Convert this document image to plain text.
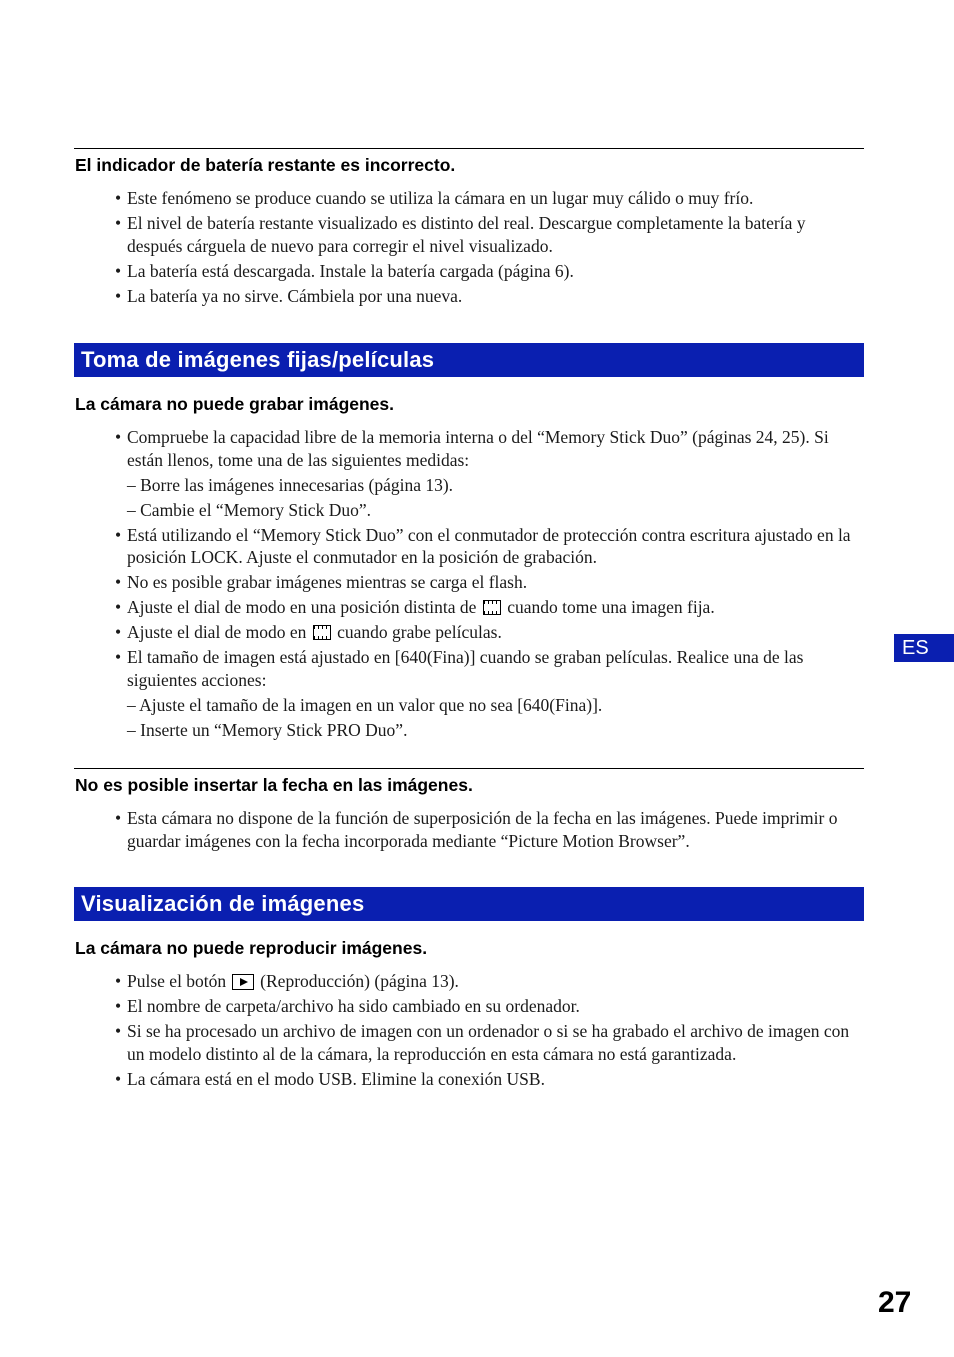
El indicador de batería restante es incorrecto.
• Este fenómeno se produce cuando se utiliza la cámara en un lugar muy cálido o muy frío.
• El nivel de batería restante visualizado es distinto del real. Descargue completamente la batería y después cárguela de nuevo para corregir el nivel visualizado.
• La batería está descargada. Instale la batería cargada (página 6).
• La batería ya no sirve. Cámbiela por una nueva.
Toma de imágenes fijas/películas
La cámara no puede grabar imágenes.
• Compruebe la capacidad libre de la memoria interna o del “Memory Stick Duo” (páginas 24, 25). Si están llenos, tome una de las siguientes medidas:
– Borre las imágenes innecesarias (página 13).
– Cambie el “Memory Stick Duo”.
• Está utilizando el “Memory Stick Duo” con el conmutador de protección contra escritura ajustado en la posición LOCK. Ajuste el conmutador en la posición de grabación.
• No es posible grabar imágenes mientras se carga el flash.
• Ajuste el dial de modo en una posición distinta de cuando tome una imagen fija.
• Ajuste el dial de modo en cuando grabe películas.
• El tamaño de imagen está ajustado en [640(Fina)] cuando se graban películas. Realice una de las siguientes acciones:
– Ajuste el tamaño de la imagen en un valor que no sea [640(Fina)].
– Inserte un “Memory Stick PRO Duo”.
No es posible insertar la fecha en las imágenes.
• Esta cámara no dispone de la función de superposición de la fecha en las imágenes. Puede imprimir o guardar imágenes con la fecha incorporada mediante “Picture Motion Browser”.
Visualización de imágenes
La cámara no puede reproducir imágenes.
• Pulse el botón (Reproducción) (página 13).
• El nombre de carpeta/archivo ha sido cambiado en su ordenador.
• Si se ha procesado un archivo de imagen con un ordenador o si se ha grabado el archivo de imagen con un modelo distinto al de la cámara, la reproducción en esta cámara no está garantizada.
• La cámara está en el modo USB. Elimine la conexión USB.
ES
27
